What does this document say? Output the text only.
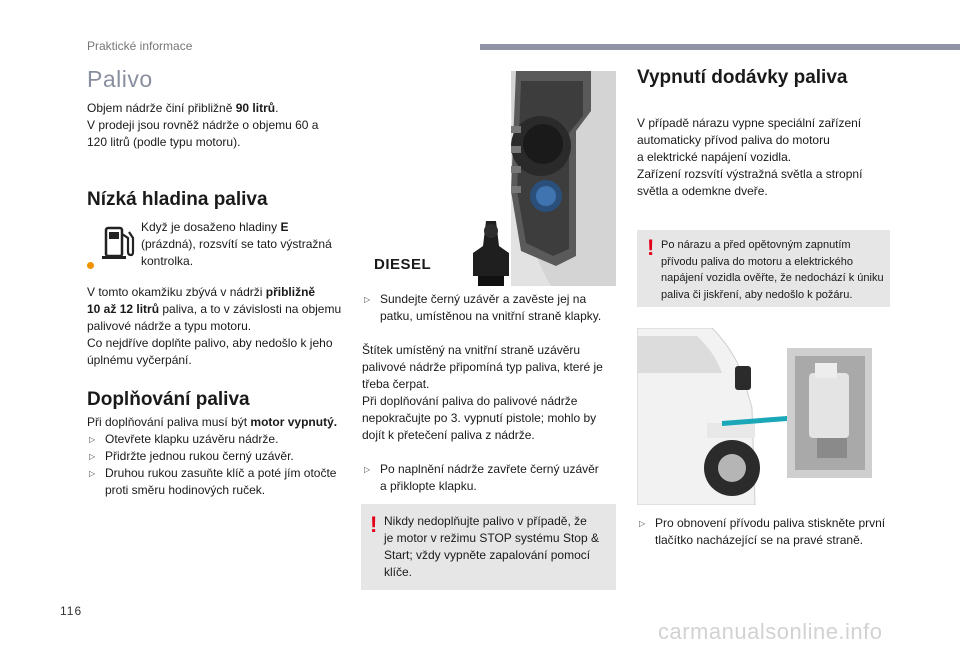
Praktické informace
Palivo
Objem nádrže činí přibližně 90 litrů.
V prodeji jsou rovněž nádrže o objemu 60 a
120 litrů (podle typu motoru).
Nízká hladina paliva
Když je dosaženo hladiny E
(prázdná), rozsvítí se tato výstražná
kontrolka.
V tomto okamžiku zbývá v nádrži přibližně
10 až 12 litrů paliva, a to v závislosti na objemu
palivové nádrže a typu motoru.
Co nejdříve doplňte palivo, aby nedošlo k jeho
úplnému vyčerpání.
Doplňování paliva
Při doplňování paliva musí být motor vypnutý.
▷ Otevřete klapku uzávěru nádrže.
▷ Přidržte jednou rukou černý uzávěr.
▷ Druhou rukou zasuňte klíč a poté jím otočte
proti směru hodinových ruček.
DIESEL
▷ Sundejte černý uzávěr a zavěste jej na
patku, umístěnou na vnitřní straně klapky.
Štítek umístěný na vnitřní straně uzávěru
palivové nádrže připomíná typ paliva, které je
třeba čerpat.
Při doplňování paliva do palivové nádrže
nepokračujte po 3. vypnutí pistole; mohlo by
dojít k přetečení paliva z nádrže.
▷ Po naplnění nádrže zavřete černý uzávěr
a přiklopte klapku.
! Nikdy nedoplňujte palivo v případě, že
je motor v režimu STOP systému Stop &
Start; vždy vypněte zapalování pomocí
klíče.
Vypnutí dodávky paliva
V případě nárazu vypne speciální zařízení
automaticky přívod paliva do motoru
a elektrické napájení vozidla.
Zařízení rozsvítí výstražná světla a stropní
světla a odemkne dveře.
! Po nárazu a před opětovným zapnutím
přívodu paliva do motoru a elektrického
napájení vozidla ověřte, že nedochází k úniku
paliva či jiskření, aby nedošlo k požáru.
▷ Pro obnovení přívodu paliva stiskněte první
tlačítko nacházející se na pravé straně.
116
carmanualsonline.info
